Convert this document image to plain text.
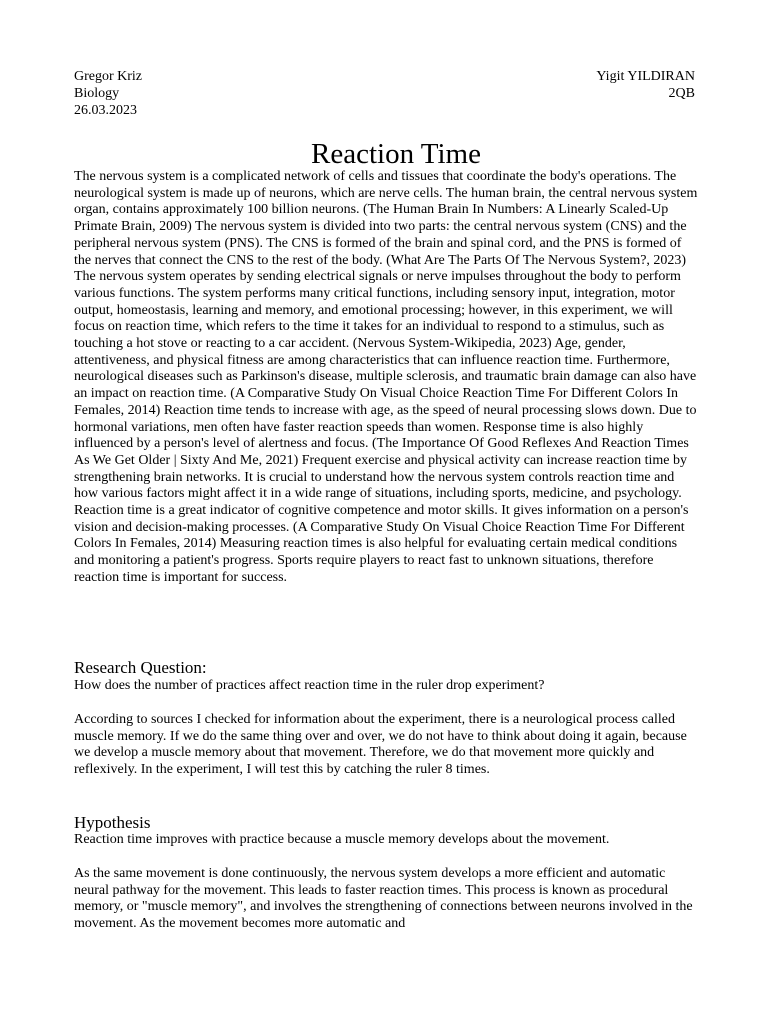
Gregor Kriz
Biology
26.03.2023
Yigit YILDIRAN
2QB
Reaction Time

The nervous system is a complicated network of cells and tissues that coordinate the body's operations. The neurological system is made up of neurons, which are nerve cells. The human brain, the central nervous system organ, contains approximately 100 billion neurons. (The Human Brain In Numbers: A Linearly Scaled-Up Primate Brain, 2009) The nervous system is divided into two parts: the central nervous system (CNS) and the peripheral nervous system (PNS). The CNS is formed of the brain and spinal cord, and the PNS is formed of the nerves that connect the CNS to the rest of the body. (What Are The Parts Of The Nervous System?, 2023) The nervous system operates by sending electrical signals or nerve impulses throughout the body to perform various functions. The system performs many critical functions, including sensory input, integration, motor output, homeostasis, learning and memory, and emotional processing; however, in this experiment, we will focus on reaction time, which refers to the time it takes for an individual to respond to a stimulus, such as touching a hot stove or reacting to a car accident. (Nervous System-Wikipedia, 2023) Age, gender, attentiveness, and physical fitness are among characteristics that can influence reaction time. Furthermore, neurological diseases such as Parkinson's disease, multiple sclerosis, and traumatic brain damage can also have an impact on reaction time. (A Comparative Study On Visual Choice Reaction Time For Different Colors In Females, 2014) Reaction time tends to increase with age, as the speed of neural processing slows down. Due to hormonal variations, men often have faster reaction speeds than women. Response time is also highly influenced by a person's level of alertness and focus. (The Importance Of Good Reflexes And Reaction Times As We Get Older | Sixty And Me, 2021) Frequent exercise and physical activity can increase reaction time by strengthening brain networks. It is crucial to understand how the nervous system controls reaction time and how various factors might affect it in a wide range of situations, including sports, medicine, and psychology. Reaction time is a great indicator of cognitive competence and motor skills. It gives information on a person's vision and decision-making processes. (A Comparative Study On Visual Choice Reaction Time For Different Colors In Females, 2014) Measuring reaction times is also helpful for evaluating certain medical conditions and monitoring a patient's progress. Sports require players to react fast to unknown situations, therefore reaction time is important for success.

Research Question:

How does the number of practices affect reaction time in the ruler drop experiment?

According to sources I checked for information about the experiment, there is a neurological process called muscle memory. If we do the same thing over and over, we do not have to think about doing it again, because we develop a muscle memory about that movement. Therefore, we do that movement more quickly and reflexively. In the experiment, I will test this by catching the ruler 8 times.

Hypothesis

Reaction time improves with practice because a muscle memory develops about the movement.

As the same movement is done continuously, the nervous system develops a more efficient and automatic neural pathway for the movement. This leads to faster reaction times. This process is known as procedural memory, or "muscle memory", and involves the strengthening of connections between neurons involved in the movement. As the movement becomes more automatic and
